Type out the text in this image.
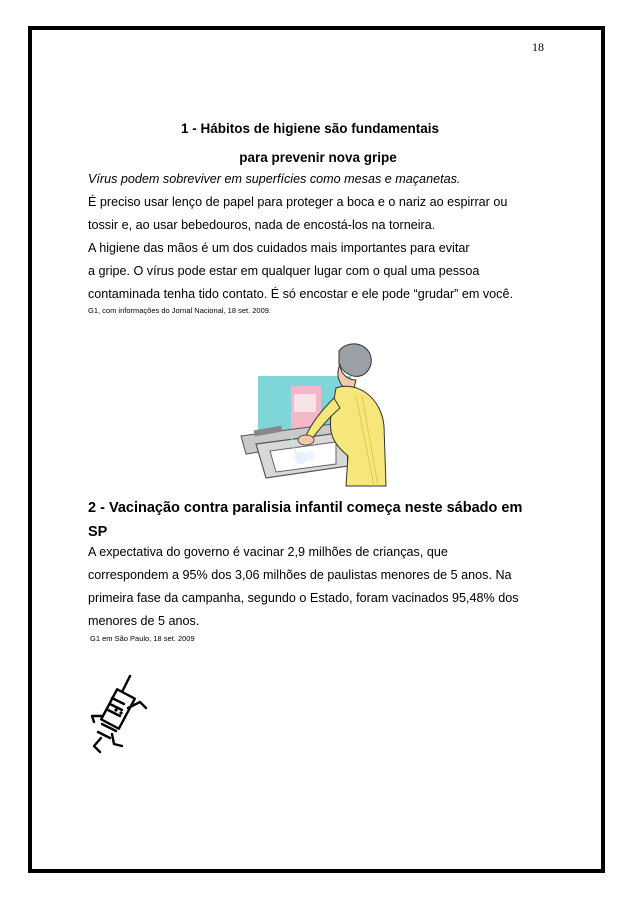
18
1 - Hábitos de higiene são fundamentais
para prevenir nova gripe
Vírus podem sobreviver em superfícies como mesas e maçanetas.
É preciso usar lenço de papel para proteger a boca e o nariz ao espirrar ou
tossir e, ao usar bebedouros, nada de encostá-los na torneira.
A higiene das mãos é um dos cuidados mais importantes para evitar
a gripe. O vírus pode estar em qualquer lugar com o qual uma pessoa
contaminada tenha tido contato. É só encostar e ele pode “grudar” em você.
G1, com informações do Jornal Nacional, 18 set. 2009.
2 - Vacinação contra paralisia infantil começa neste sábado em
SP
A expectativa do governo é vacinar 2,9 milhões de crianças, que
correspondem a 95% dos 3,06 milhões de paulistas menores de 5 anos. Na
primeira fase da campanha, segundo o Estado, foram vacinados 95,48% dos
menores de 5 anos.
G1 em São Paulo, 18 set. 2009
